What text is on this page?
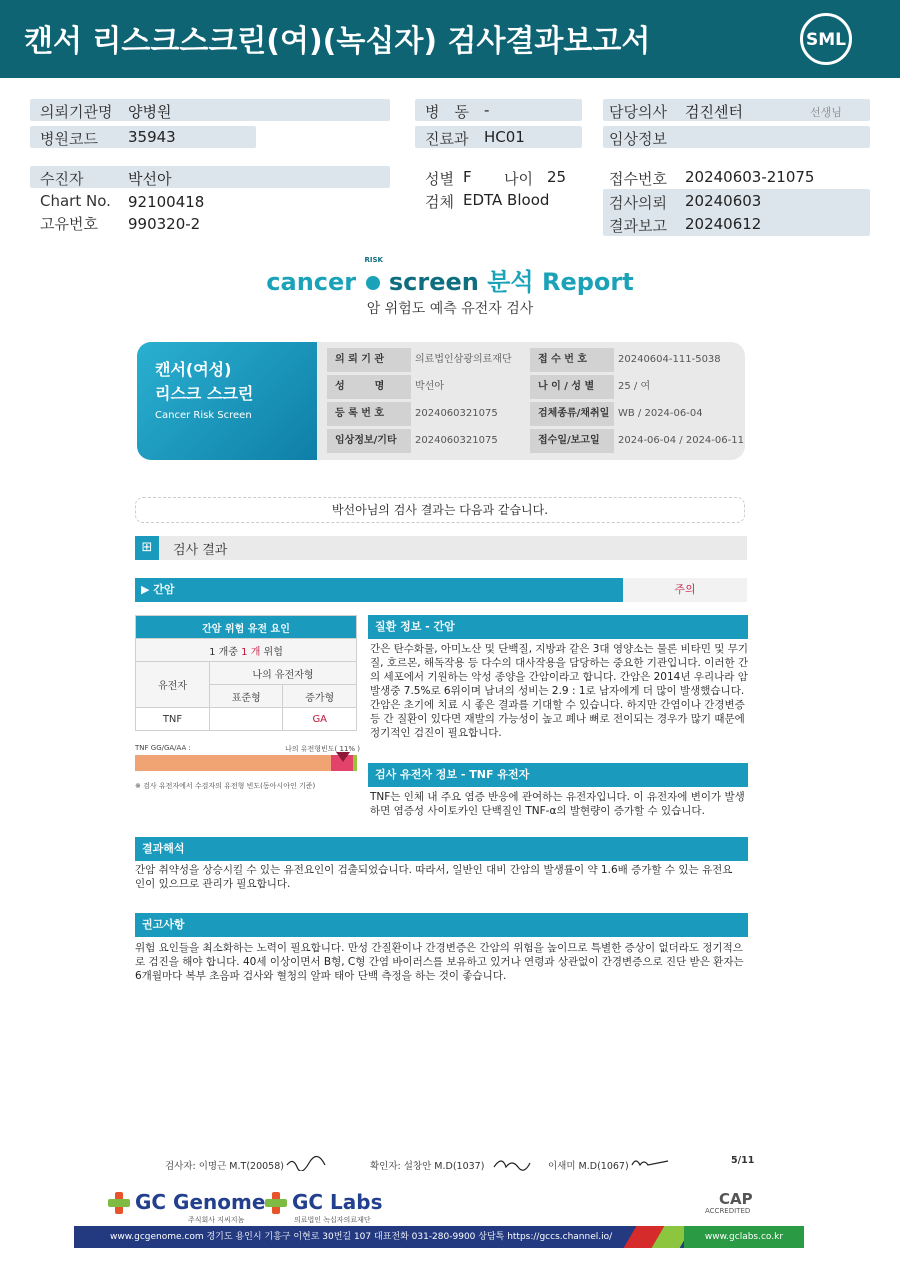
캔서 리스크스크린(여)(녹십자) 검사결과보고서	SML
의뢰기관명 양병원
병원코드 35943
수진자	박선아
Chart No. 92100418
고유번호 990320-2
병　동 -
진료과 HC01
성별 F 나이 25
검체 EDTA Blood
담당의사 검진센터	선생님
임상정보
접수번호 20240603-21075
검사의뢰 20240603
결과보고 20240612
cancer
RISK
screen 분석 Report
암 위험도 예측 유전자 검사
캔서(여성)
리스크 스크린
Cancer Risk Screen
의 뢰 기 관	의료법인삼광의료재단	접 수 번 호	20240604-111-5038
성　　　명	박선아	나 이 / 성 별	25 / 여
등 록 번 호	2024060321075	검체종류/채취일 WB / 2024-06-04
임상정보/기타	2024060321075	접수일/보고일	2024-06-04 / 2024-06-11
박선아님의 검사 결과는 다음과 같습니다.
⊞	검사 결과
▶ 간암	주의
간암 위험 유전 요인		
1 개중 1 개 위험		
유전자	나의 유전자형	
	표준형	증가형
TNF		GA
TNF GG/GA/AA :	나의 유전형빈도( 11% )
※ 검사 유전자에서 수검자의 유전형 빈도(동아시아인 기준)
질환 정보 - 간암
간은 탄수화물, 아미노산 및 단백질, 지방과 같은 3대 영양소는 물론 비타민 및 무기질, 호르몬, 해독작용 등 다수의 대사작용을 담당하는 중요한 기관입니다. 이러한 간의 세포에서 기원하는 악성 종양을 간암이라고 합니다. 간암은 2014년 우리나라 암 발생중 7.5%로 6위이며 남녀의 성비는 2.9 : 1로 남자에게 더 많이 발생했습니다. 간암은 초기에 치료 시 좋은 결과를 기대할 수 있습니다. 하지만 간염이나 간경변증 등 간 질환이 있다면 재발의 가능성이 높고 폐나 뼈로 전이되는 경우가 많기 때문에 정기적인 검진이 필요합니다.
검사 유전자 정보 - TNF 유전자
TNF는 인체 내 주요 염증 반응에 관여하는 유전자입니다. 이 유전자에 변이가 발생하면 염증성 사이토카인 단백질인 TNF-α의 발현량이 증가할 수 있습니다.
결과해석
간암 취약성을 상승시킬 수 있는 유전요인이 검출되었습니다. 따라서, 일반인 대비 간암의 발생률이 약 1.6배 증가할 수 있는 유전요인이 있으므로 관리가 필요합니다.
권고사항
위험 요인들을 최소화하는 노력이 필요합니다. 만성 간질환이나 간경변증은 간암의 위험을 높이므로 특별한 증상이 없더라도 정기적으로 검진을 해야 합니다. 40세 이상이면서 B형, C형 간염 바이러스를 보유하고 있거나 연령과 상관없이 간경변증으로 진단 받은 환자는 6개월마다 복부 초음파 검사와 혈청의 알파 태아 단백 측정을 하는 것이 좋습니다.
검사자: 이명근 M.T(20058)	확인자: 설창안 M.D(1037)	이새미 M.D(1067)
5/11
GC Genome
주식회사 지씨지놈
GC Labs
의료법인 녹십자의료재단
CAP
ACCREDITED
www.gcgenome.com 경기도 용인시 기흥구 이현로 30번길 107 대표전화 031-280-9900 상담톡 https://gccs.channel.io/	www.gclabs.co.kr
